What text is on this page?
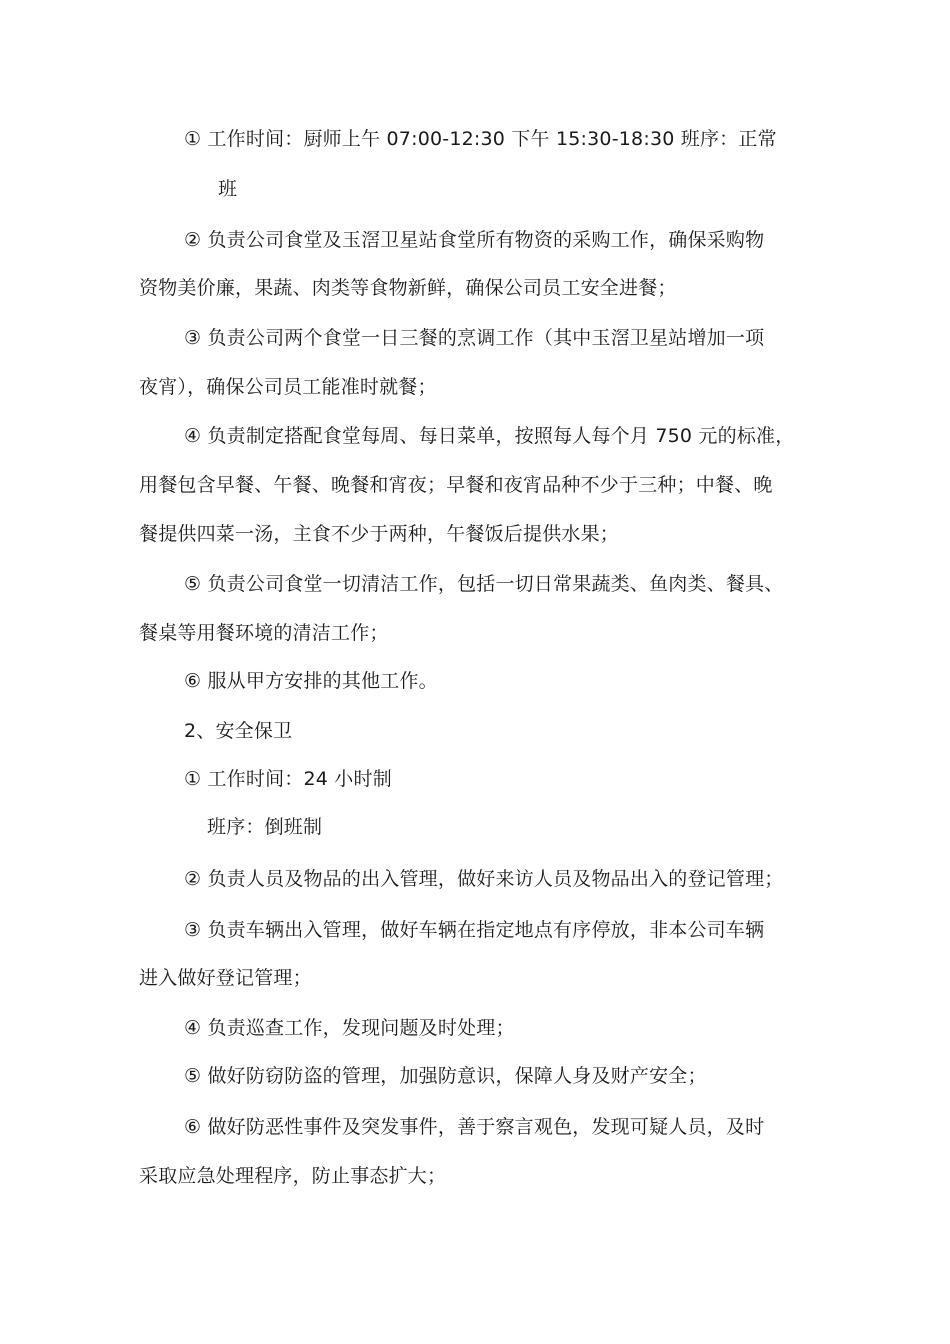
① 工作时间：厨师上午 07:00-12:30 下午 15:30-18:30 班序：正常

班

② 负责公司食堂及玉滘卫星站食堂所有物资的采购工作，确保采购物

资物美价廉，果蔬、肉类等食物新鲜，确保公司员工安全进餐；

③ 负责公司两个食堂一日三餐的烹调工作（其中玉滘卫星站增加一项

夜宵），确保公司员工能准时就餐；

④ 负责制定搭配食堂每周、每日菜单，按照每人每个月 750 元的标准，

用餐包含早餐、午餐、晚餐和宵夜；早餐和夜宵品种不少于三种；中餐、晚

餐提供四菜一汤，主食不少于两种，午餐饭后提供水果；

⑤ 负责公司食堂一切清洁工作，包括一切日常果蔬类、鱼肉类、餐具、

餐桌等用餐环境的清洁工作；

⑥ 服从甲方安排的其他工作。

2、安全保卫

① 工作时间：24 小时制

班序：倒班制

② 负责人员及物品的出入管理，做好来访人员及物品出入的登记管理；

③ 负责车辆出入管理，做好车辆在指定地点有序停放，非本公司车辆

进入做好登记管理；

④ 负责巡查工作，发现问题及时处理；

⑤ 做好防窃防盗的管理，加强防意识，保障人身及财产安全；

⑥ 做好防恶性事件及突发事件，善于察言观色，发现可疑人员，及时

采取应急处理程序，防止事态扩大；
